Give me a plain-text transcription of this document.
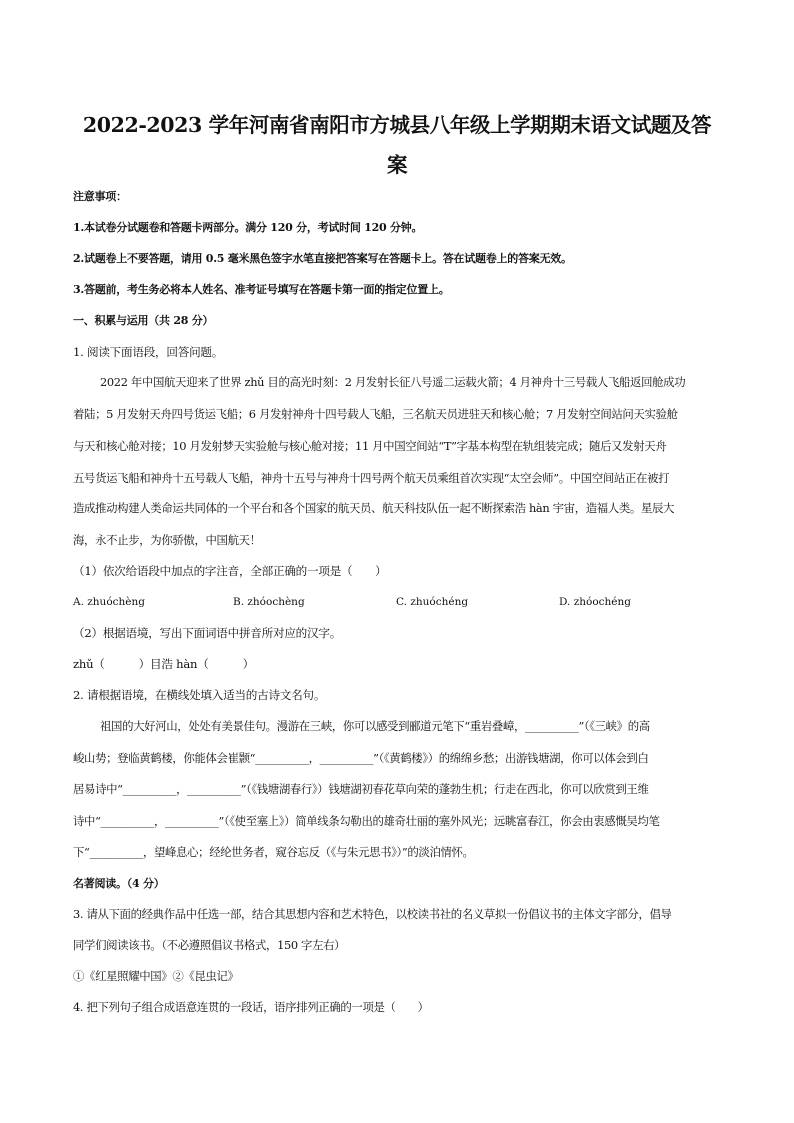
2022-2023 学年河南省南阳市方城县八年级上学期期末语文试题及答
案
注意事项：
1.本试卷分试题卷和答题卡两部分。满分 120 分，考试时间 120 分钟。
2.试题卷上不要答题，请用 0.5 毫米黑色签字水笔直接把答案写在答题卡上。答在试题卷上的答案无效。
3.答题前，考生务必将本人姓名、准考证号填写在答题卡第一面的指定位置上。
一、积累与运用（共 28 分）
1. 阅读下面语段，回答问题。
2022 年中国航天迎来了世界 zhǔ 目的高光时刻：2 月发射长征八号遥二运载火箭；4 月神舟十三号载人飞船返回舱成功
着陆；5 月发射天舟四号货运飞船；6 月发射神舟十四号载人飞船，三名航天员进驻天和核心舱；7 月发射空间站问天实验舱
与天和核心舱对接；10 月发射梦天实验舱与核心舱对接；11 月中国空间站“T”字基本构型在轨组装完成；随后又发射天舟
五号货运飞船和神舟十五号载人飞船，神舟十五号与神舟十四号两个航天员乘组首次实现“太空会师”。中国空间站正在被打
造成推动构建人类命运共同体的一个平台和各个国家的航天员、航天科技队伍一起不断探索浩 hàn 宇宙，造福人类。星辰大
海，永不止步，为你骄傲，中国航天！
（1）依次给语段中加点的字注音，全部正确的一项是（　　）
A. zhuóchèng	B. zhóochèng	C. zhuóchéng	D. zhóochéng
（2）根据语境，写出下面词语中拼音所对应的汉字。
zhǔ（　　　）目浩 hàn（　　　）
2. 请根据语境，在横线处填入适当的古诗文名句。
祖国的大好河山，处处有美景佳句。漫游在三峡，你可以感受到郦道元笔下“重岩叠嶂，__________”（《三峡》的高
峻山势；登临黄鹤楼，你能体会崔颢“__________，__________”（《黄鹤楼》）的绵绵乡愁；出游钱塘湖，你可以体会到白
居易诗中“__________，__________”（《钱塘湖春行》）钱塘湖初春花草向荣的蓬勃生机；行走在西北，你可以欣赏到王维
诗中“__________，__________”（《使至塞上》）简单线条勾勒出的雄奇壮丽的塞外风光；远眺富春江，你会由衷感慨吴均笔
下“__________，望峰息心；经纶世务者，窥谷忘反（《与朱元思书》）”的淡泊情怀。
名著阅读。（4 分）
3. 请从下面的经典作品中任选一部，结合其思想内容和艺术特色，以校读书社的名义草拟一份倡议书的主体文字部分，倡导
同学们阅读该书。（不必遵照倡议书格式，150 字左右）
①《红星照耀中国》②《昆虫记》
4. 把下列句子组合成语意连贯的一段话，语序排列正确的一项是（　　）
